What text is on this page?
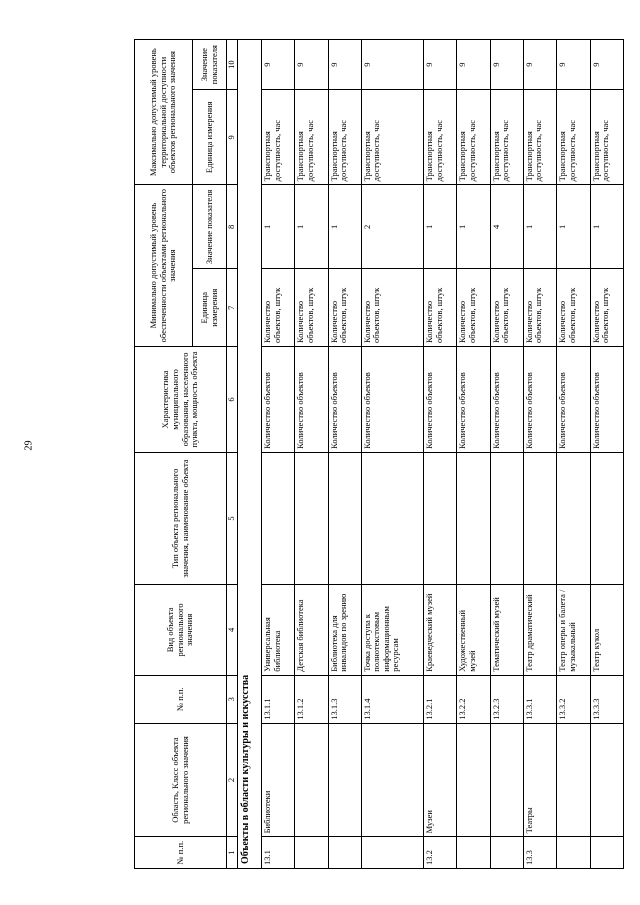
29
№ п.п.	Область, Класс объекта регионального значения	№ п.п.	Вид объекта регионального значения	Тип объекта регионального значения, наименование объекта	Характеристика муниципального образования, населенного пункта, мощность объекта	Минимально допустимый уровень обеспеченности объектами регионального значения		Максимально допустимый уровень территориальной доступности объектов регионального значения	
						Единица измерения	Значение показателя	Единица измерения	Значение показателя
1	2	3	4	5	6	7	8	9	10
Объекты в области культуры и искусства									
13.1	Библиотеки	13.1.1	Универсальная библиотека		Количество объектов	Количество объектов, штук	1	Транспортная доступность, час	9
		13.1.2	Детская библиотека		Количество объектов	Количество объектов, штук	1	Транспортная доступность, час	9
		13.1.3	Библиотека для инвалидов по зрению		Количество объектов	Количество объектов, штук	1	Транспортная доступность, час	9
		13.1.4	Точка доступа к полнотекстовым информационным ресурсам		Количество объектов	Количество объектов, штук	2	Транспортная доступность, час	9
13.2	Музеи	13.2.1	Краеведческий музей		Количество объектов	Количество объектов, штук	1	Транспортная доступность, час	9
		13.2.2	Художественный музей		Количество объектов	Количество объектов, штук	1	Транспортная доступность, час	9
		13.2.3	Тематический музей		Количество объектов	Количество объектов, штук	4	Транспортная доступность, час	9
13.3	Театры	13.3.1	Театр драматический		Количество объектов	Количество объектов, штук	1	Транспортная доступность, час	9
		13.3.2	Театр оперы и балета / музыкальный		Количество объектов	Количество объектов, штук	1	Транспортная доступность, час	9
		13.3.3	Театр кукол		Количество объектов	Количество объектов, штук	1	Транспортная доступность, час	9
